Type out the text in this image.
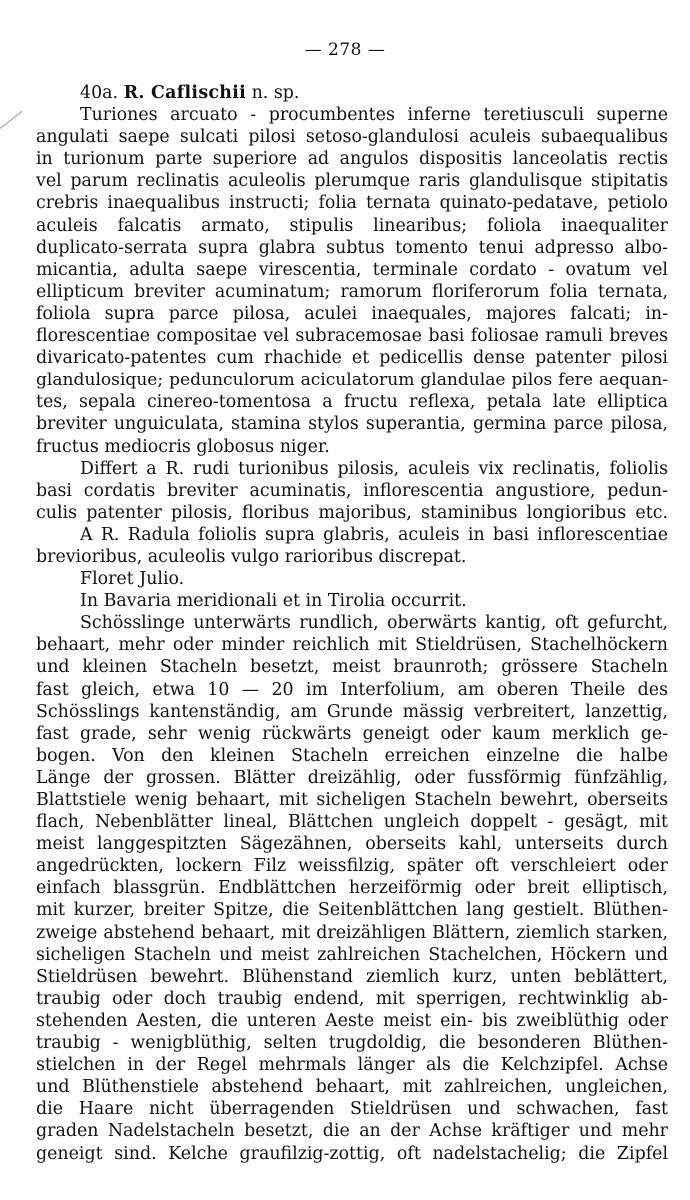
— 278 —
40a. R. Caflischii n. sp.
Turiones arcuato - procumbentes inferne teretiusculi superne
angulati saepe sulcati pilosi setoso-glandulosi aculeis subaequalibus
in turionum parte superiore ad angulos dispositis lanceolatis rectis
vel parum reclinatis aculeolis plerumque raris glandulisque stipitatis
crebris inaequalibus instructi; folia ternata quinato-pedatave, petiolo
aculeis falcatis armato, stipulis linearibus; foliola inaequaliter
duplicato-serrata supra glabra subtus tomento tenui adpresso albo-
micantia, adulta saepe virescentia, terminale cordato - ovatum vel
ellipticum breviter acuminatum; ramorum floriferorum folia ternata,
foliola supra parce pilosa, aculei inaequales, majores falcati; in-
florescentiae compositae vel subracemosae basi foliosae ramuli breves
divaricato-patentes cum rhachide et pedicellis dense patenter pilosi
glandulosique; pedunculorum aciculatorum glandulae pilos fere aequan-
tes, sepala cinereo-tomentosa a fructu reflexa, petala late elliptica
breviter unguiculata, stamina stylos superantia, germina parce pilosa,
fructus mediocris globosus niger.
Differt a R. rudi turionibus pilosis, aculeis vix reclinatis, foliolis
basi cordatis breviter acuminatis, inflorescentia angustiore, pedun-
culis patenter pilosis, floribus majoribus, staminibus longioribus etc.
A R. Radula foliolis supra glabris, aculeis in basi inflorescentiae
brevioribus, aculeolis vulgo rarioribus discrepat.
Floret Julio.
In Bavaria meridionali et in Tirolia occurrit.
Schösslinge unterwärts rundlich, oberwärts kantig, oft gefurcht,
behaart, mehr oder minder reichlich mit Stieldrüsen, Stachelhöckern
und kleinen Stacheln besetzt, meist braunroth; grössere Stacheln
fast gleich, etwa 10 — 20 im Interfolium, am oberen Theile des
Schösslings kantenständig, am Grunde mässig verbreitert, lanzettig,
fast grade, sehr wenig rückwärts geneigt oder kaum merklich ge-
bogen. Von den kleinen Stacheln erreichen einzelne die halbe
Länge der grossen. Blätter dreizählig, oder fussförmig fünfzählig,
Blattstiele wenig behaart, mit sicheligen Stacheln bewehrt, oberseits
flach, Nebenblätter lineal, Blättchen ungleich doppelt - gesägt, mit
meist langgespitzten Sägezähnen, oberseits kahl, unterseits durch
angedrückten, lockern Filz weissfilzig, später oft verschleiert oder
einfach blassgrün. Endblättchen herzeiförmig oder breit elliptisch,
mit kurzer, breiter Spitze, die Seitenblättchen lang gestielt. Blüthen-
zweige abstehend behaart, mit dreizähligen Blättern, ziemlich starken,
sicheligen Stacheln und meist zahlreichen Stachelchen, Höckern und
Stieldrüsen bewehrt. Blühenstand ziemlich kurz, unten beblättert,
traubig oder doch traubig endend, mit sperrigen, rechtwinklig ab-
stehenden Aesten, die unteren Aeste meist ein- bis zweiblüthig oder
traubig - wenigblüthig, selten trugdoldig, die besonderen Blüthen-
stielchen in der Regel mehrmals länger als die Kelchzipfel. Achse
und Blüthenstiele abstehend behaart, mit zahlreichen, ungleichen,
die Haare nicht überragenden Stieldrüsen und schwachen, fast
graden Nadelstacheln besetzt, die an der Achse kräftiger und mehr
geneigt sind. Kelche graufilzig-zottig, oft nadelstachelig; die Zipfel
